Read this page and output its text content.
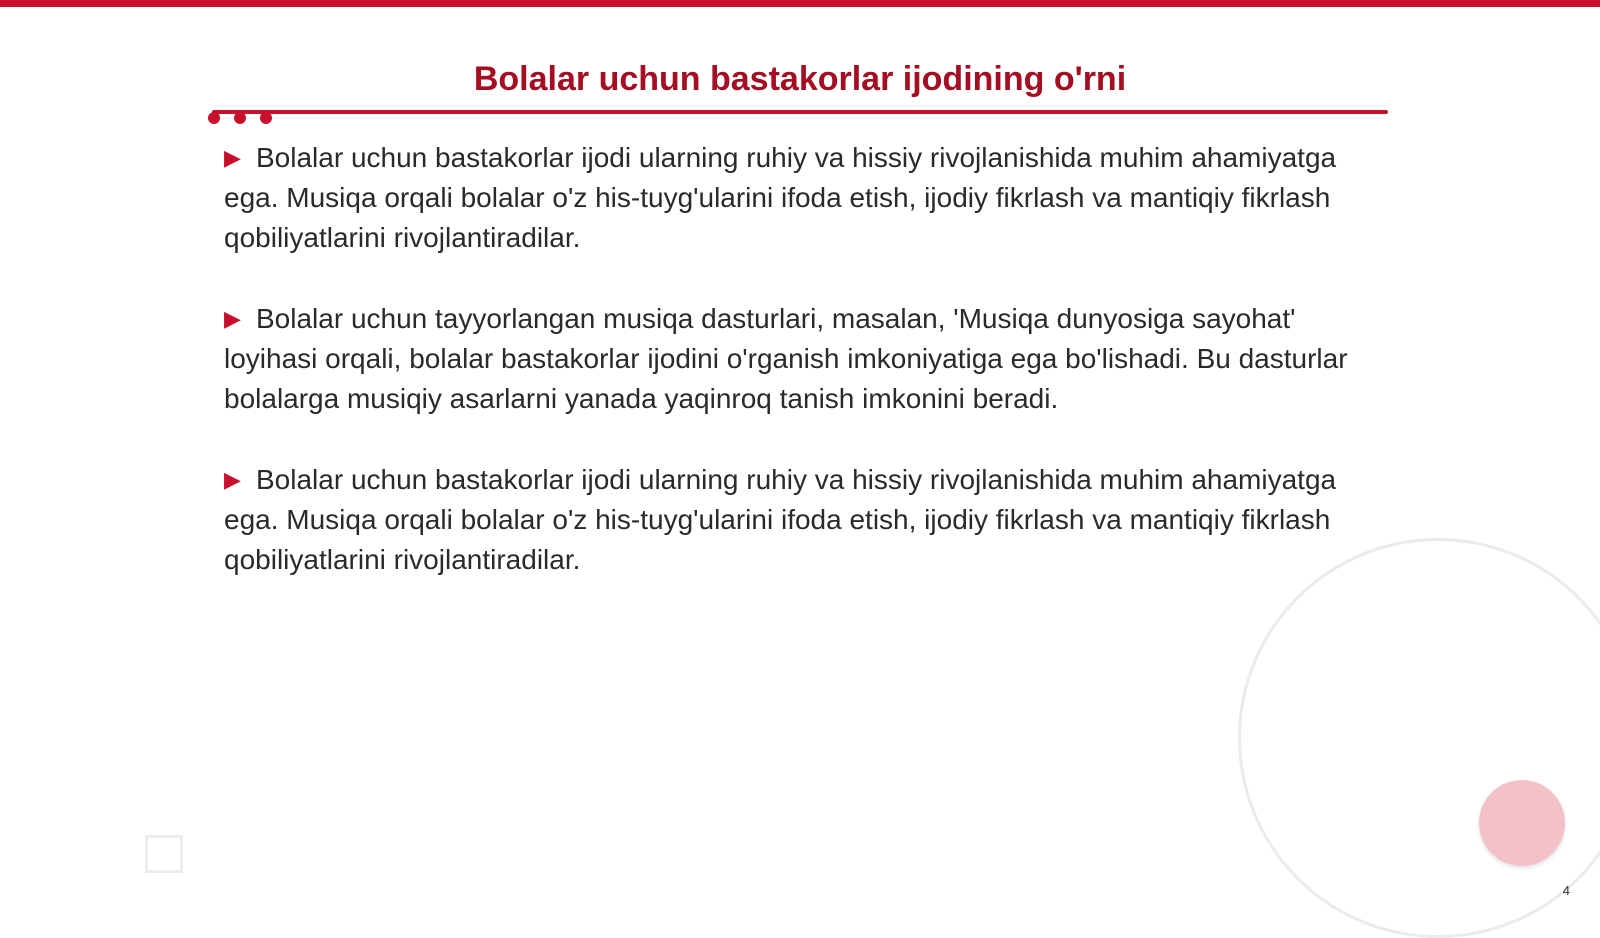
Bolalar uchun bastakorlar ijodining o'rni

▶ Bolalar uchun bastakorlar ijodi ularning ruhiy va hissiy rivojlanishida muhim ahamiyatga ega. Musiqa orqali bolalar o'z his-tuyg'ularini ifoda etish, ijodiy fikrlash va mantiqiy fikrlash qobiliyatlarini rivojlantiradilar.

▶ Bolalar uchun tayyorlangan musiqa dasturlari, masalan, 'Musiqa dunyosiga sayohat' loyihasi orqali, bolalar bastakorlar ijodini o'rganish imkoniyatiga ega bo'lishadi. Bu dasturlar bolalarga musiqiy asarlarni yanada yaqinroq tanish imkonini beradi.

▶ Bolalar uchun bastakorlar ijodi ularning ruhiy va hissiy rivojlanishida muhim ahamiyatga ega. Musiqa orqali bolalar o'z his-tuyg'ularini ifoda etish, ijodiy fikrlash va mantiqiy fikrlash qobiliyatlarini rivojlantiradilar.

4
